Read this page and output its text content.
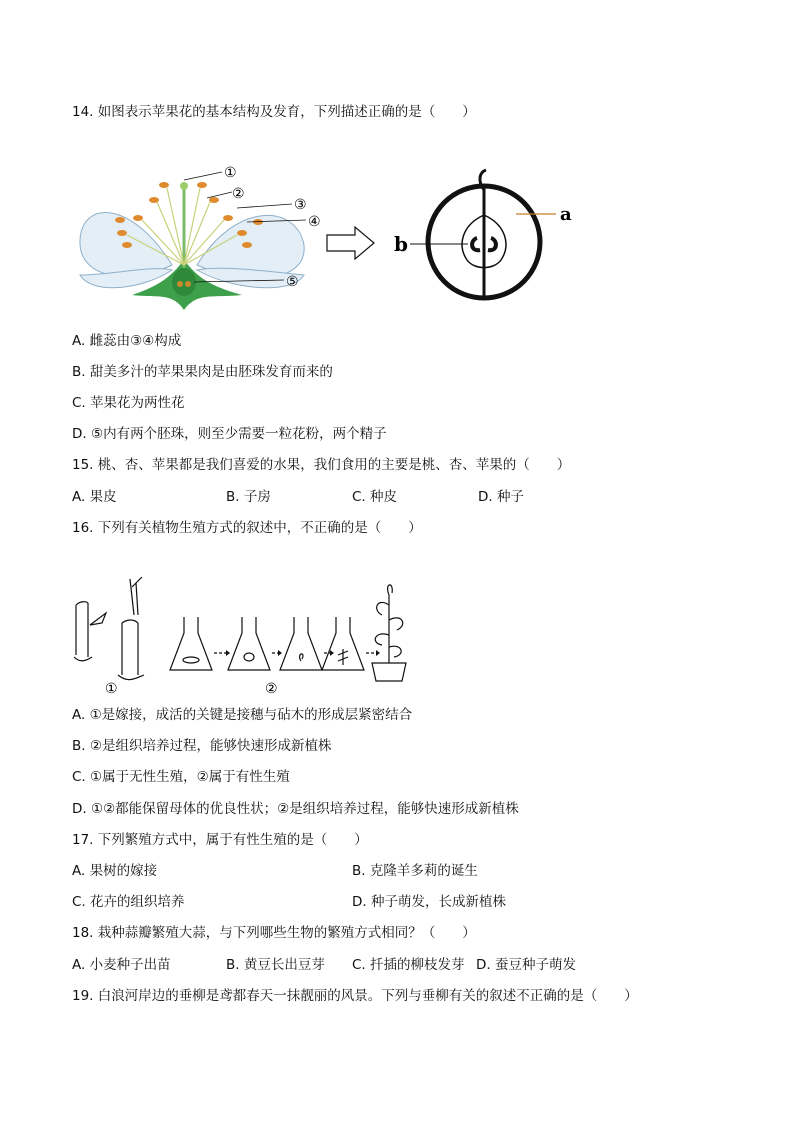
14. 如图表示苹果花的基本结构及发育，下列描述正确的是（　　）
①
②
③
④
⑤
a
b
A. 雌蕊由③④构成
B. 甜美多汁的苹果果肉是由胚珠发育而来的
C. 苹果花为两性花
D. ⑤内有两个胚珠，则至少需要一粒花粉，两个精子
15. 桃、杏、苹果都是我们喜爱的水果，我们食用的主要是桃、杏、苹果的（　　）
A. 果皮	B. 子房	C. 种皮	D. 种子
16. 下列有关植物生殖方式的叙述中，不正确的是（　　）
①	②
A. ①是嫁接，成活的关键是接穗与砧木的形成层紧密结合
B. ②是组织培养过程，能够快速形成新植株
C. ①属于无性生殖，②属于有性生殖
D. ①②都能保留母体的优良性状；②是组织培养过程，能够快速形成新植株
17. 下列繁殖方式中，属于有性生殖的是（　　）
A. 果树的嫁接	B. 克隆羊多莉的诞生
C. 花卉的组织培养	D. 种子萌发，长成新植株
18. 栽种蒜瓣繁殖大蒜，与下列哪些生物的繁殖方式相同？（　　）
A. 小麦种子出苗	B. 黄豆长出豆芽 C. 扦插的柳枝发芽 D. 蚕豆种子萌发
19. 白浪河岸边的垂柳是鸢都春天一抹靓丽的风景。下列与垂柳有关的叙述不正确的是（　　）
